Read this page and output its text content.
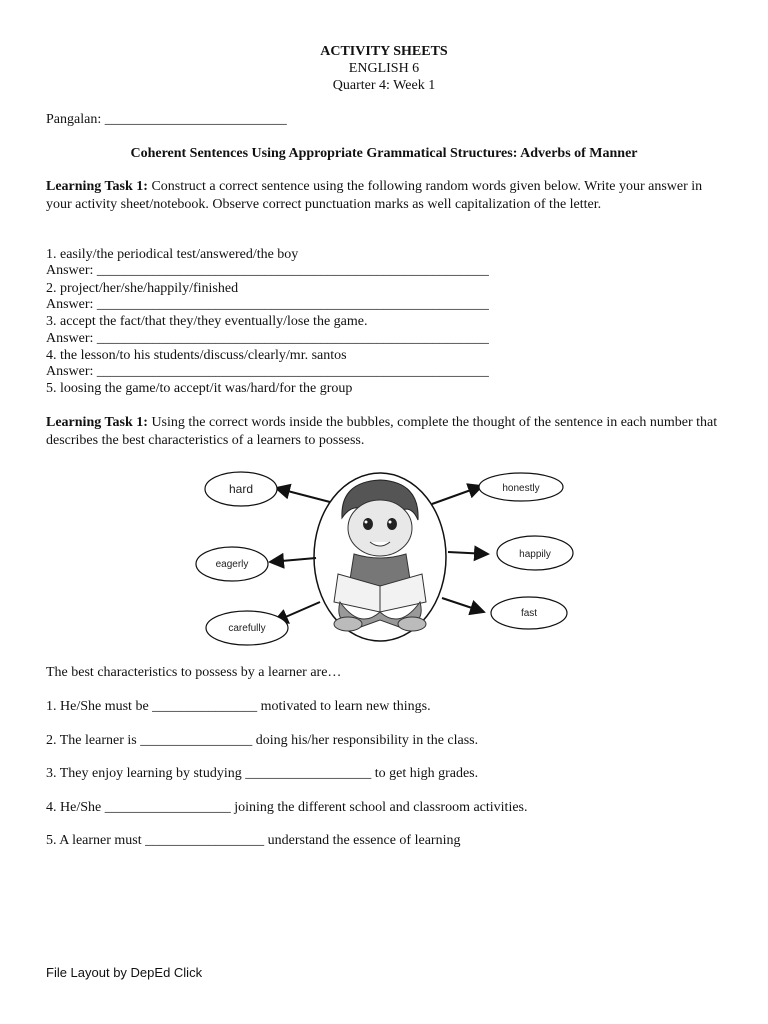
ACTIVITY SHEETS
ENGLISH 6
Quarter 4: Week 1
Pangalan: __________________________
Coherent Sentences Using Appropriate Grammatical Structures: Adverbs of Manner
Learning Task 1: Construct a correct sentence using the following random words given below. Write your answer in your activity sheet/notebook. Observe correct punctuation marks as well capitalization of the letter.
1. easily/the periodical test/answered/the boy
Answer: ________________________________________________________
2. project/her/she/happily/finished
Answer: ________________________________________________________
3. accept the fact/that they/they eventually/lose the game.
Answer: ________________________________________________________
4. the lesson/to his students/discuss/clearly/mr. santos
Answer: ________________________________________________________
5. loosing the game/to accept/it was/hard/for the group
Learning Task 1: Using the correct words inside the bubbles, complete the thought of the sentence in each number that describes the best characteristics of a learners to possess.
hard
eagerly
carefully
honestly
happily
fast
The best characteristics to possess by a learner are…
1. He/She must be _______________ motivated to learn new things.
2. The learner is ________________ doing his/her responsibility in the class.
3. They enjoy learning by studying __________________ to get high grades.
4. He/She __________________ joining the different school and classroom activities.
5. A learner must _________________ understand the essence of learning
File Layout by DepEd Click
